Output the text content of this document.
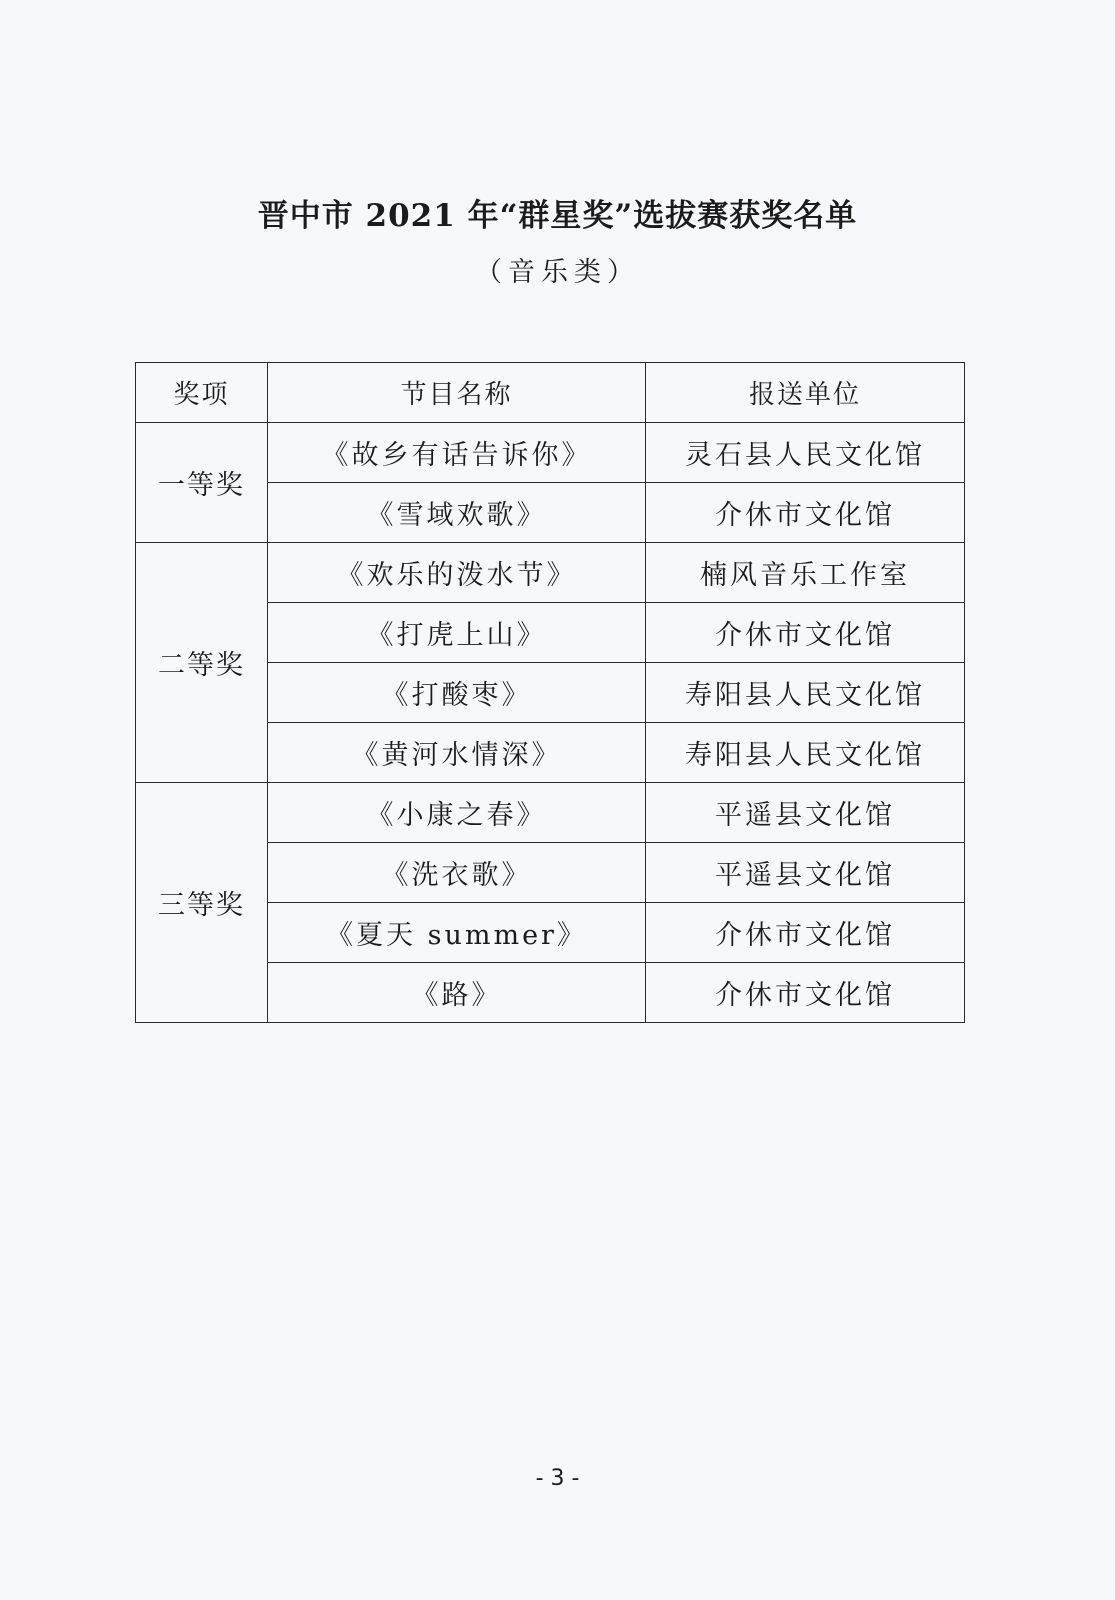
晋中市 2021 年“群星奖”选拔赛获奖名单
（音乐类）
奖项	节目名称	报送单位
一等奖	《故乡有话告诉你》	灵石县人民文化馆
	《雪域欢歌》	介休市文化馆
二等奖	《欢乐的泼水节》	楠风音乐工作室
	《打虎上山》	介休市文化馆
	《打酸枣》	寿阳县人民文化馆
	《黄河水情深》	寿阳县人民文化馆
三等奖	《小康之春》	平遥县文化馆
	《洗衣歌》	平遥县文化馆
	《夏天 summer》	介休市文化馆
	《路》	介休市文化馆
- 3 -
